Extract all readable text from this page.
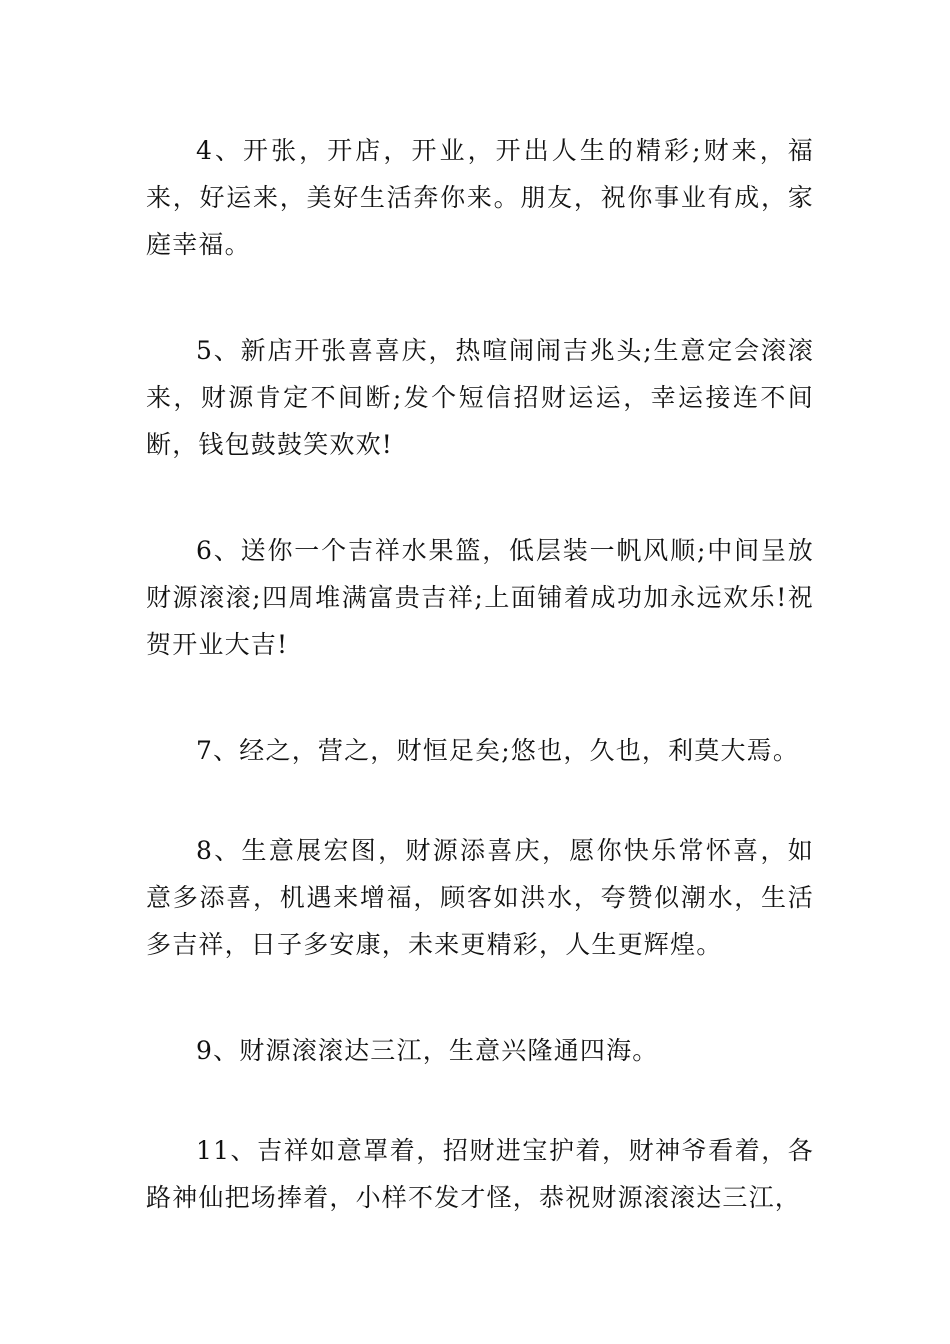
4、开张，开店，开业，开出人生的精彩;财来，福来，好运来，美好生活奔你来。朋友，祝你事业有成，家庭幸福。

5、新店开张喜喜庆，热喧闹闹吉兆头;生意定会滚滚来，财源肯定不间断;发个短信招财运运，幸运接连不间断，钱包鼓鼓笑欢欢!

6、送你一个吉祥水果篮，低层装一帆风顺;中间呈放财源滚滚;四周堆满富贵吉祥;上面铺着成功加永远欢乐!祝贺开业大吉!

7、经之，营之，财恒足矣;悠也，久也，利莫大焉。

8、生意展宏图，财源添喜庆，愿你快乐常怀喜，如意多添喜，机遇来增福，顾客如洪水，夸赞似潮水，生活多吉祥，日子多安康，未来更精彩，人生更辉煌。

9、财源滚滚达三江，生意兴隆通四海。

11、吉祥如意罩着，招财进宝护着，财神爷看着，各路神仙把场捧着，小样不发才怪，恭祝财源滚滚达三江，
